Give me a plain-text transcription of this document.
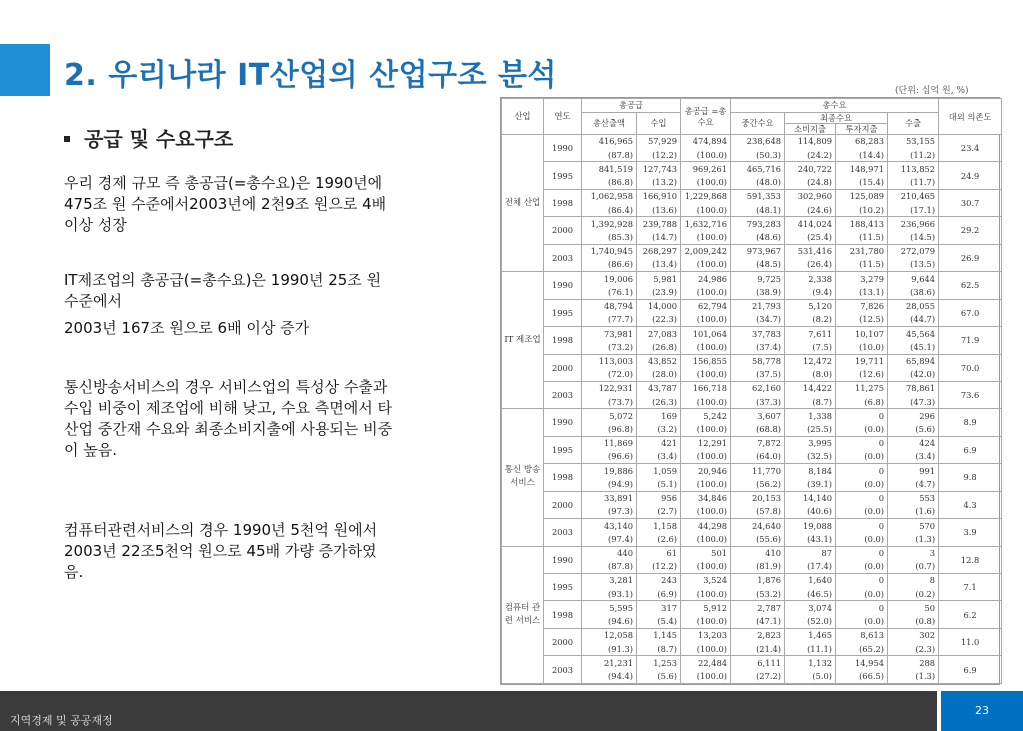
2. 우리나라 IT산업의 산업구조 분석
공급 및 수요구조
우리 경제 규모 즉 총공급(=총수요)은 1990년에 475조 원 수준에서2003년에 2천9조 원으로 4배 이상 성장
IT제조업의 총공급(=총수요)은 1990년 25조 원 수준에서
2003년 167조 원으로 6배 이상 증가
통신방송서비스의 경우 서비스업의 특성상 수출과 수입 비중이 제조업에 비해 낮고, 수요 측면에서 타 산업 중간재 수요와 최종소비지출에 사용되는 비중이 높음.
컴퓨터관련서비스의 경우 1990년 5천억 원에서 2003년 22조5천억 원으로 45배 가량 증가하였음.
(단위: 십억 원, %)
산업	연도	총공급		총공급 =총수요	총수요				대외 의존도
		총산출액	수입		중간수요	최종수요		수출	
						소비지출	투자지출		
전체 산업	1990	416,965	57,929	474,894	238,648	114,809	68,283	53,155	23.4
		(87.8)	(12.2)	(100.0)	(50.3)	(24.2)	(14.4)	(11.2)	
	1995	841,519	127,743	969,261	465,716	240,722	148,971	113,852	24.9
		(86.8)	(13.2)	(100.0)	(48.0)	(24.8)	(15.4)	(11.7)	
	1998	1,062,958	166,910	1,229,868	591,353	302,960	125,089	210,465	30.7
		(86.4)	(13.6)	(100.0)	(48.1)	(24.6)	(10.2)	(17.1)	
	2000	1,392,928	239,788	1,632,716	793,283	414,024	188,413	236,966	29.2
		(85.3)	(14.7)	(100.0)	(48.6)	(25.4)	(11.5)	(14.5)	
	2003	1,740,945	268,297	2,009,242	973,967	531,416	231,780	272,079	26.9
		(86.6)	(13.4)	(100.0)	(48.5)	(26.4)	(11.5)	(13.5)	
IT 제조업	1990	19,006	5,981	24,986	9,725	2,338	3,279	9,644	62.5
		(76.1)	(23.9)	(100.0)	(38.9)	(9.4)	(13.1)	(38.6)	
	1995	48,794	14,000	62,794	21,793	5,120	7,826	28,055	67.0
		(77.7)	(22.3)	(100.0)	(34.7)	(8.2)	(12.5)	(44.7)	
	1998	73,981	27,083	101,064	37,783	7,611	10,107	45,564	71.9
		(73.2)	(26.8)	(100.0)	(37.4)	(7.5)	(10.0)	(45.1)	
	2000	113,003	43,852	156,855	58,778	12,472	19,711	65,894	70.0
		(72.0)	(28.0)	(100.0)	(37.5)	(8.0)	(12.6)	(42.0)	
	2003	122,931	43,787	166,718	62,160	14,422	11,275	78,861	73.6
		(73.7)	(26.3)	(100.0)	(37.3)	(8.7)	(6.8)	(47.3)	
통신 방송 서비스	1990	5,072	169	5,242	3,607	1,338	0	296	8.9
		(96.8)	(3.2)	(100.0)	(68.8)	(25.5)	(0.0)	(5.6)	
	1995	11,869	421	12,291	7,872	3,995	0	424	6.9
		(96.6)	(3.4)	(100.0)	(64.0)	(32.5)	(0.0)	(3.4)	
	1998	19,886	1,059	20,946	11,770	8,184	0	991	9.8
		(94.9)	(5.1)	(100.0)	(56.2)	(39.1)	(0.0)	(4.7)	
	2000	33,891	956	34,846	20,153	14,140	0	553	4.3
		(97.3)	(2.7)	(100.0)	(57.8)	(40.6)	(0.0)	(1.6)	
	2003	43,140	1,158	44,298	24,640	19,088	0	570	3.9
		(97.4)	(2.6)	(100.0)	(55.6)	(43.1)	(0.0)	(1.3)	
컴퓨터 관련 서비스	1990	440	61	501	410	87	0	3	12.8
		(87.8)	(12.2)	(100.0)	(81.9)	(17.4)	(0.0)	(0.7)	
	1995	3,281	243	3,524	1,876	1,640	0	8	7.1
		(93.1)	(6.9)	(100.0)	(53.2)	(46.5)	(0.0)	(0.2)	
	1998	5,595	317	5,912	2,787	3,074	0	50	6.2
		(94.6)	(5.4)	(100.0)	(47.1)	(52.0)	(0.0)	(0.8)	
	2000	12,058	1,145	13,203	2,823	1,465	8,613	302	11.0
		(91.3)	(8.7)	(100.0)	(21.4)	(11.1)	(65.2)	(2.3)	
	2003	21,231	1,253	22,484	6,111	1,132	14,954	288	6.9
		(94.4)	(5.6)	(100.0)	(27.2)	(5.0)	(66.5)	(1.3)	
지역경제 및 공공재정
23
